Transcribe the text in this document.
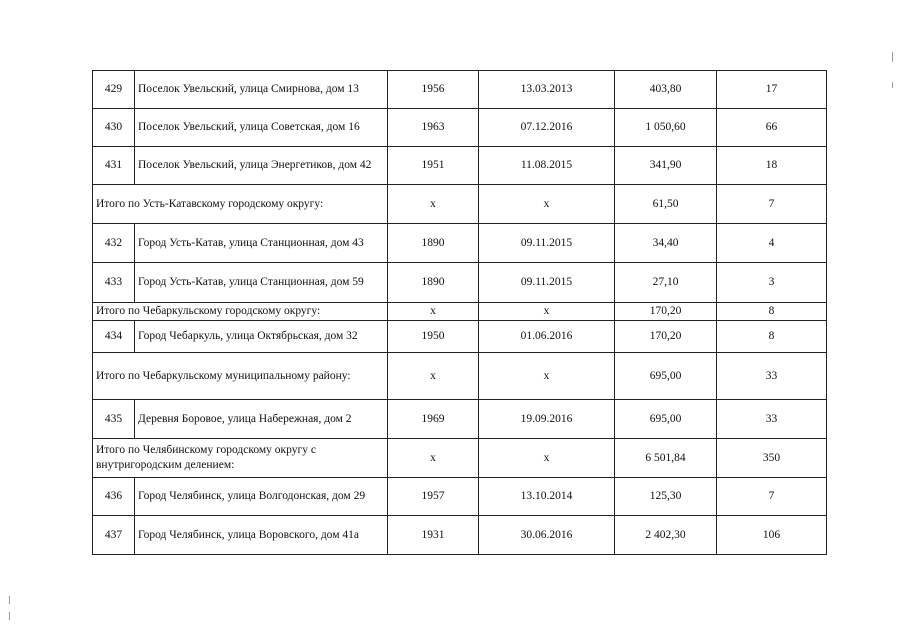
429	Поселок Увельский, улица Смирнова, дом 13	1956	13.03.2013	403,80	17
430	Поселок Увельский, улица Советская, дом 16	1963	07.12.2016	1 050,60	66
431	Поселок Увельский, улица Энергетиков, дом 42	1951	11.08.2015	341,90	18
Итого по Усть-Катавскому городскому округу:		x	x	61,50	7
432	Город Усть-Катав, улица Станционная, дом 43	1890	09.11.2015	34,40	4
433	Город Усть-Катав, улица Станционная, дом 59	1890	09.11.2015	27,10	3
Итого по Чебаркульскому городскому округу:		x	x	170,20	8
434	Город Чебаркуль, улица Октябрьская, дом 32	1950	01.06.2016	170,20	8
Итого по Чебаркульскому муниципальному району:		x	x	695,00	33
435	Деревня Боровое, улица Набережная, дом 2	1969	19.09.2016	695,00	33
Итого по Челябинскому городскому округу с внутригородским делением:		x	x	6 501,84	350
436	Город Челябинск, улица Волгодонская, дом 29	1957	13.10.2014	125,30	7
437	Город Челябинск, улица Воровского, дом 41а	1931	30.06.2016	2 402,30	106
